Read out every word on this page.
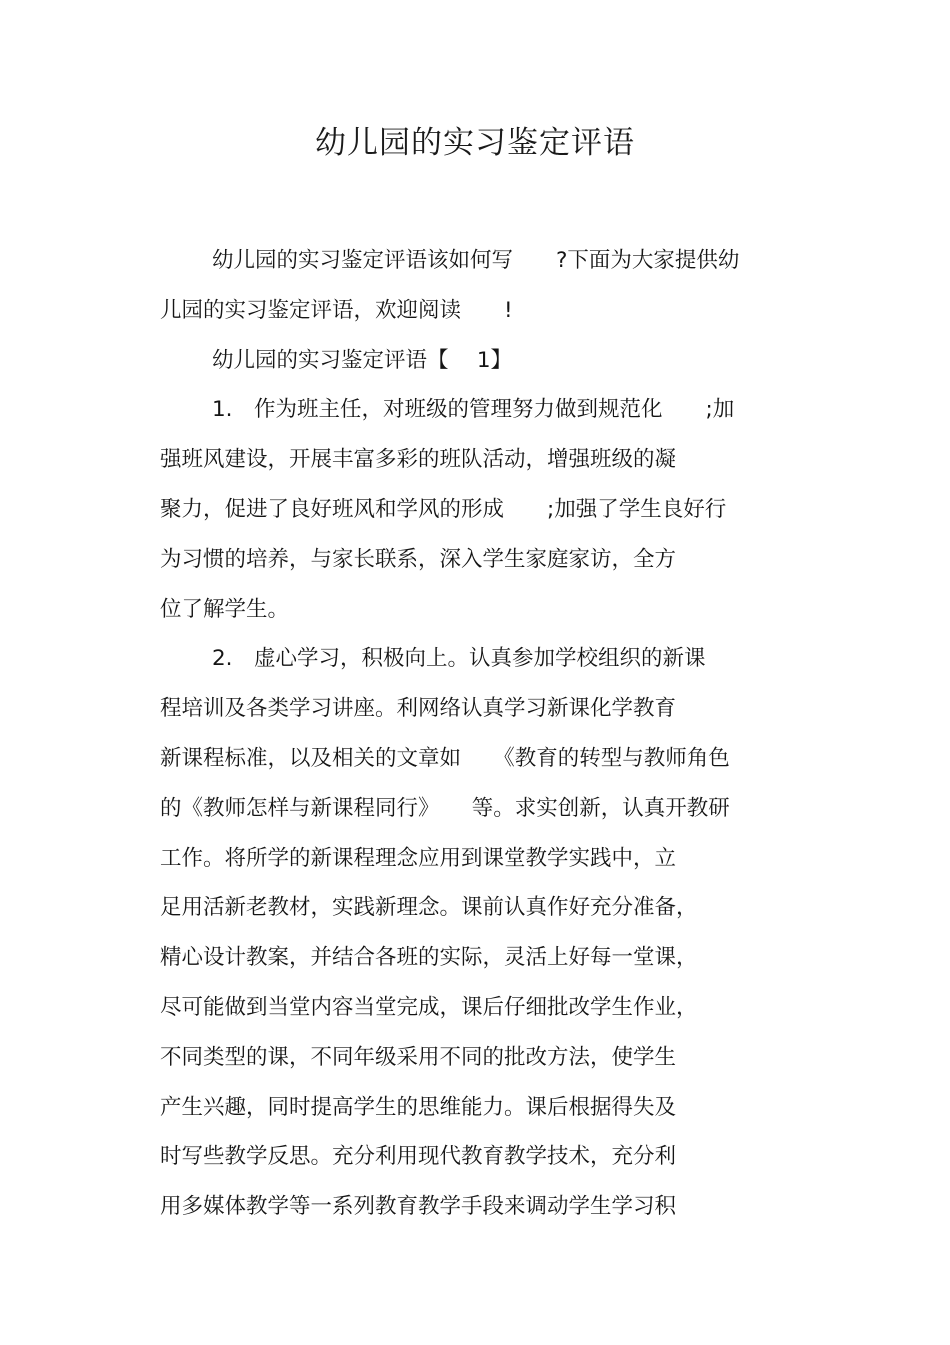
幼儿园的实习鉴定评语
幼儿园的实习鉴定评语该如何写　　?下面为大家提供幼
儿园的实习鉴定评语，欢迎阅读　　!
幼儿园的实习鉴定评语【　 1】
1.　作为班主任，对班级的管理努力做到规范化　　;加
强班风建设，开展丰富多彩的班队活动，增强班级的凝
聚力，促进了良好班风和学风的形成　　;加强了学生良好行
为习惯的培养，与家长联系，深入学生家庭家访，全方
位了解学生。
2.　虚心学习，积极向上。认真参加学校组织的新课
程培训及各类学习讲座。利网络认真学习新课化学教育
新课程标准，以及相关的文章如　　《教育的转型与教师角色
的《教师怎样与新课程同行》　　等。求实创新，认真开教研
工作。将所学的新课程理念应用到课堂教学实践中，立
足用活新老教材，实践新理念。课前认真作好充分准备，
精心设计教案，并结合各班的实际，灵活上好每一堂课，
尽可能做到当堂内容当堂完成，课后仔细批改学生作业，
不同类型的课，不同年级采用不同的批改方法，使学生
产生兴趣，同时提高学生的思维能力。课后根据得失及
时写些教学反思。充分利用现代教育教学技术，充分利
用多媒体教学等一系列教育教学手段来调动学生学习积
